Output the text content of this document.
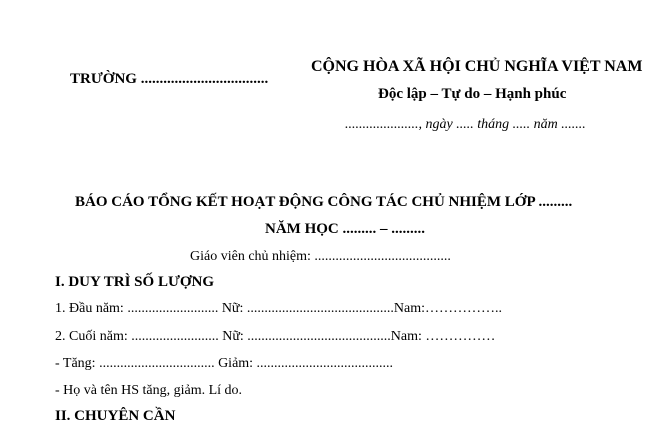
TRƯỜNG ..................................
CỘNG HÒA XÃ HỘI CHỦ NGHĨA VIỆT NAM
Độc lập – Tự do – Hạnh phúc
....................., ngày ..... tháng ..... năm .......
BÁO CÁO TỔNG KẾT HOẠT ĐỘNG CÔNG TÁC CHỦ NHIỆM LỚP .........
NĂM HỌC ......... – .........
Giáo viên chủ nhiệm: .......................................
I. DUY TRÌ SỐ LƯỢNG
1. Đầu năm: .......................... Nữ: ..........................................Nam:……………..
2. Cuối năm: ......................... Nữ: .........................................Nam: ……………
- Tăng: ................................. Giảm: .......................................
- Họ và tên HS tăng, giảm. Lí do.
II. CHUYÊN CẦN
